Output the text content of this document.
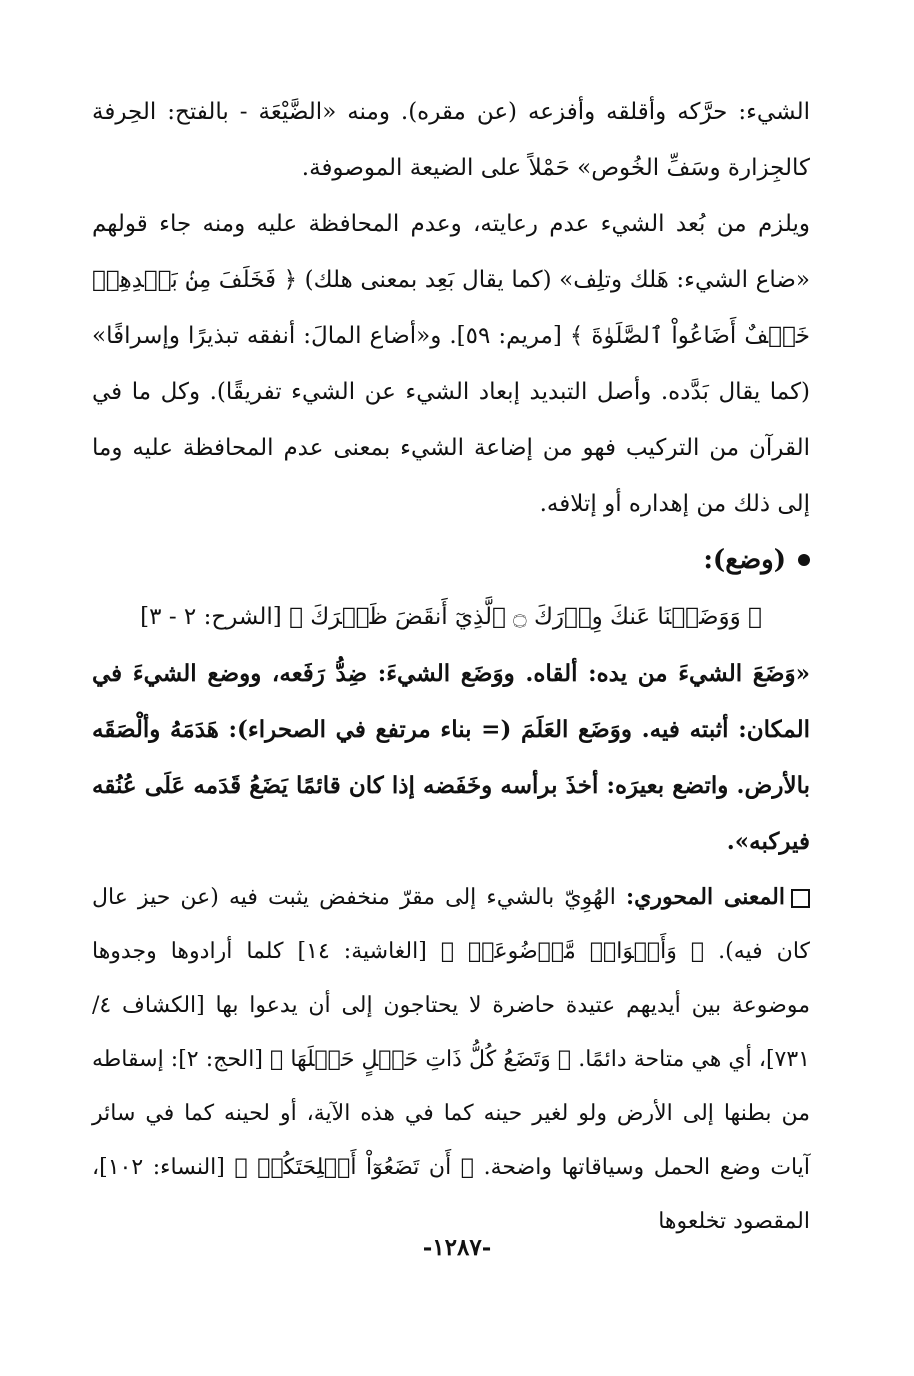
الشيء: حرَّكه وأقلقه وأفزعه (عن مقره). ومنه «الضَّيْعَة - بالفتح: الحِرفة كالجِزارة وسَفِّ الخُوص» حَمْلاً على الضيعة الموصوفة.

ويلزم من بُعد الشيء عدم رعايته، وعدم المحافظة عليه ومنه جاء قولهم «ضاع الشيء: هَلك وتلِف» (كما يقال بَعِد بمعنى هلك) ﴿ فَخَلَفَ مِنۢ بَعۡدِهِمۡ خَلۡفٌ أَضَاعُواْ ٱلصَّلَوٰةَ ﴾ [مريم: ٥٩]. و«أضاع المالَ: أنفقه تبذيرًا وإسرافًا» (كما يقال بَدَّده. وأصل التبديد إبعاد الشيء عن الشيء تفريقًا). وكل ما في القرآن من التركيب فهو من إضاعة الشيء بمعنى عدم المحافظة عليه وما إلى ذلك من إهداره أو إتلافه.

(وضع):

﴿ وَوَضَعۡنَا عَنكَ وِزۡرَكَ ۝ ٱلَّذِيٓ أَنقَضَ ظَهۡرَكَ ﴾ [الشرح: ٢ - ٣]

«وَضَعَ الشيءَ من يده: ألقاه. ووَضَع الشيءَ: ضِدُّ رَفَعه، ووضع الشيءَ في المكان: أثبته فيه. ووَضَع العَلَمَ (= بناء مرتفع في الصحراء): هَدَمَهُ وألْصَقَه بالأرض. واتضع بعيرَه: أخذَ برأسه وخَفَضه إذا كان قائمًا يَضَعُ قَدَمه عَلَى عُنُقه فيركبه».

المعنى المحوري: الهُوِيّ بالشيء إلى مقرّ منخفض يثبت فيه (عن حيز عال كان فيه). ﴿ وَأَكۡوَابٞ مَّوۡضُوعَةٞ ﴾ [الغاشية: ١٤] كلما أرادوها وجدوها موضوعة بين أيديهم عتيدة حاضرة لا يحتاجون إلى أن يدعوا بها [الكشاف ٤/ ٧٣١]، أي هي متاحة دائمًا. ﴿ وَتَضَعُ كُلُّ ذَاتِ حَمۡلٍ حَمۡلَهَا ﴾ [الحج: ٢]: إسقاطه من بطنها إلى الأرض ولو لغير حينه كما في هذه الآية، أو لحينه كما في سائر آيات وضع الحمل وسياقاتها واضحة. ﴿ أَن تَضَعُوٓاْ أَسۡلِحَتَكُمۡ ﴾ [النساء: ١٠٢]، المقصود تخلعوها

-١٢٨٧-
